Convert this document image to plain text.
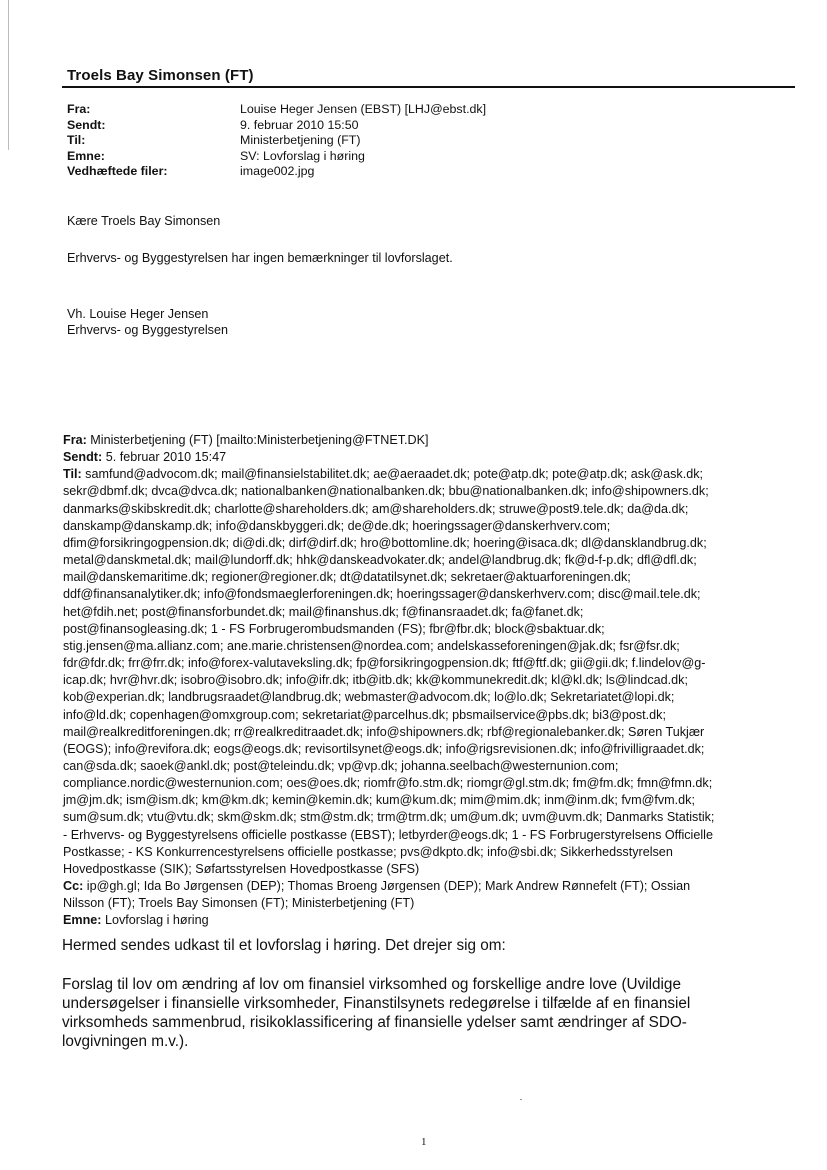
Troels Bay Simonsen (FT)
Fra:	Louise Heger Jensen (EBST) [LHJ@ebst.dk]
Sendt:	9. februar 2010 15:50
Til:	Ministerbetjening (FT)
Emne:	SV: Lovforslag i høring
Vedhæftede filer:	image002.jpg
Kære Troels Bay Simonsen
Erhvervs- og Byggestyrelsen har ingen bemærkninger til lovforslaget.
Vh. Louise Heger Jensen
Erhvervs- og Byggestyrelsen
Fra: Ministerbetjening (FT) [mailto:Ministerbetjening@FTNET.DK]
Sendt: 5. februar 2010 15:47
Til: samfund@advocom.dk; mail@finansielstabilitet.dk; ae@aeraadet.dk; pote@atp.dk; pote@atp.dk; ask@ask.dk;
sekr@dbmf.dk; dvca@dvca.dk; nationalbanken@nationalbanken.dk; bbu@nationalbanken.dk; info@shipowners.dk;
danmarks@skibskredit.dk; charlotte@shareholders.dk; am@shareholders.dk; struwe@post9.tele.dk; da@da.dk;
danskamp@danskamp.dk; info@danskbyggeri.dk; de@de.dk; hoeringssager@danskerhverv.com;
dfim@forsikringogpension.dk; di@di.dk; dirf@dirf.dk; hro@bottomline.dk; hoering@isaca.dk; dl@dansklandbrug.dk;
metal@danskmetal.dk; mail@lundorff.dk; hhk@danskeadvokater.dk; andel@landbrug.dk; fk@d-f-p.dk; dfl@dfl.dk;
mail@danskemaritime.dk; regioner@regioner.dk; dt@datatilsynet.dk; sekretaer@aktuarforeningen.dk;
ddf@finansanalytiker.dk; info@fondsmaeglerforeningen.dk; hoeringssager@danskerhverv.com; disc@mail.tele.dk;
het@fdih.net; post@finansforbundet.dk; mail@finanshus.dk; f@finansraadet.dk; fa@fanet.dk;
post@finansogleasing.dk; 1 - FS Forbrugerombudsmanden (FS); fbr@fbr.dk; block@sbaktuar.dk;
stig.jensen@ma.allianz.com; ane.marie.christensen@nordea.com; andelskasseforeningen@jak.dk; fsr@fsr.dk;
fdr@fdr.dk; frr@frr.dk; info@forex-valutaveksling.dk; fp@forsikringogpension.dk; ftf@ftf.dk; gii@gii.dk; f.lindelov@g-
icap.dk; hvr@hvr.dk; isobro@isobro.dk; info@ifr.dk; itb@itb.dk; kk@kommunekredit.dk; kl@kl.dk; ls@lindcad.dk;
kob@experian.dk; landbrugsraadet@landbrug.dk; webmaster@advocom.dk; lo@lo.dk; Sekretariatet@lopi.dk;
info@ld.dk; copenhagen@omxgroup.com; sekretariat@parcelhus.dk; pbsmailservice@pbs.dk; bi3@post.dk;
mail@realkreditforeningen.dk; rr@realkreditraadet.dk; info@shipowners.dk; rbf@regionalebanker.dk; Søren Tukjær
(EOGS); info@revifora.dk; eogs@eogs.dk; revisortilsynet@eogs.dk; info@rigsrevisionen.dk; info@frivilligraadet.dk;
can@sda.dk; saoek@ankl.dk; post@teleindu.dk; vp@vp.dk; johanna.seelbach@westernunion.com;
compliance.nordic@westernunion.com; oes@oes.dk; riomfr@fo.stm.dk; riomgr@gl.stm.dk; fm@fm.dk; fmn@fmn.dk;
jm@jm.dk; ism@ism.dk; km@km.dk; kemin@kemin.dk; kum@kum.dk; mim@mim.dk; inm@inm.dk; fvm@fvm.dk;
sum@sum.dk; vtu@vtu.dk; skm@skm.dk; stm@stm.dk; trm@trm.dk; um@um.dk; uvm@uvm.dk; Danmarks Statistik;
- Erhvervs- og Byggestyrelsens officielle postkasse (EBST); letbyrder@eogs.dk; 1 - FS Forbrugerstyrelsens Officielle
Postkasse; - KS Konkurrencestyrelsens officielle postkasse; pvs@dkpto.dk; info@sbi.dk; Sikkerhedsstyrelsen
Hovedpostkasse (SIK); Søfartsstyrelsen Hovedpostkasse (SFS)
Cc: ip@gh.gl; Ida Bo Jørgensen (DEP); Thomas Broeng Jørgensen (DEP); Mark Andrew Rønnefelt (FT); Ossian
Nilsson (FT); Troels Bay Simonsen (FT); Ministerbetjening (FT)
Emne: Lovforslag i høring
Hermed sendes udkast til et lovforslag i høring. Det drejer sig om:
Forslag til lov om ændring af lov om finansiel virksomhed og forskellige andre love (Uvildige
undersøgelser i finansielle virksomheder, Finanstilsynets redegørelse i tilfælde af en finansiel
virksomheds sammenbrud, risikoklassificering af finansielle ydelser samt ændringer af SDO-
lovgivningen m.v.).
1
